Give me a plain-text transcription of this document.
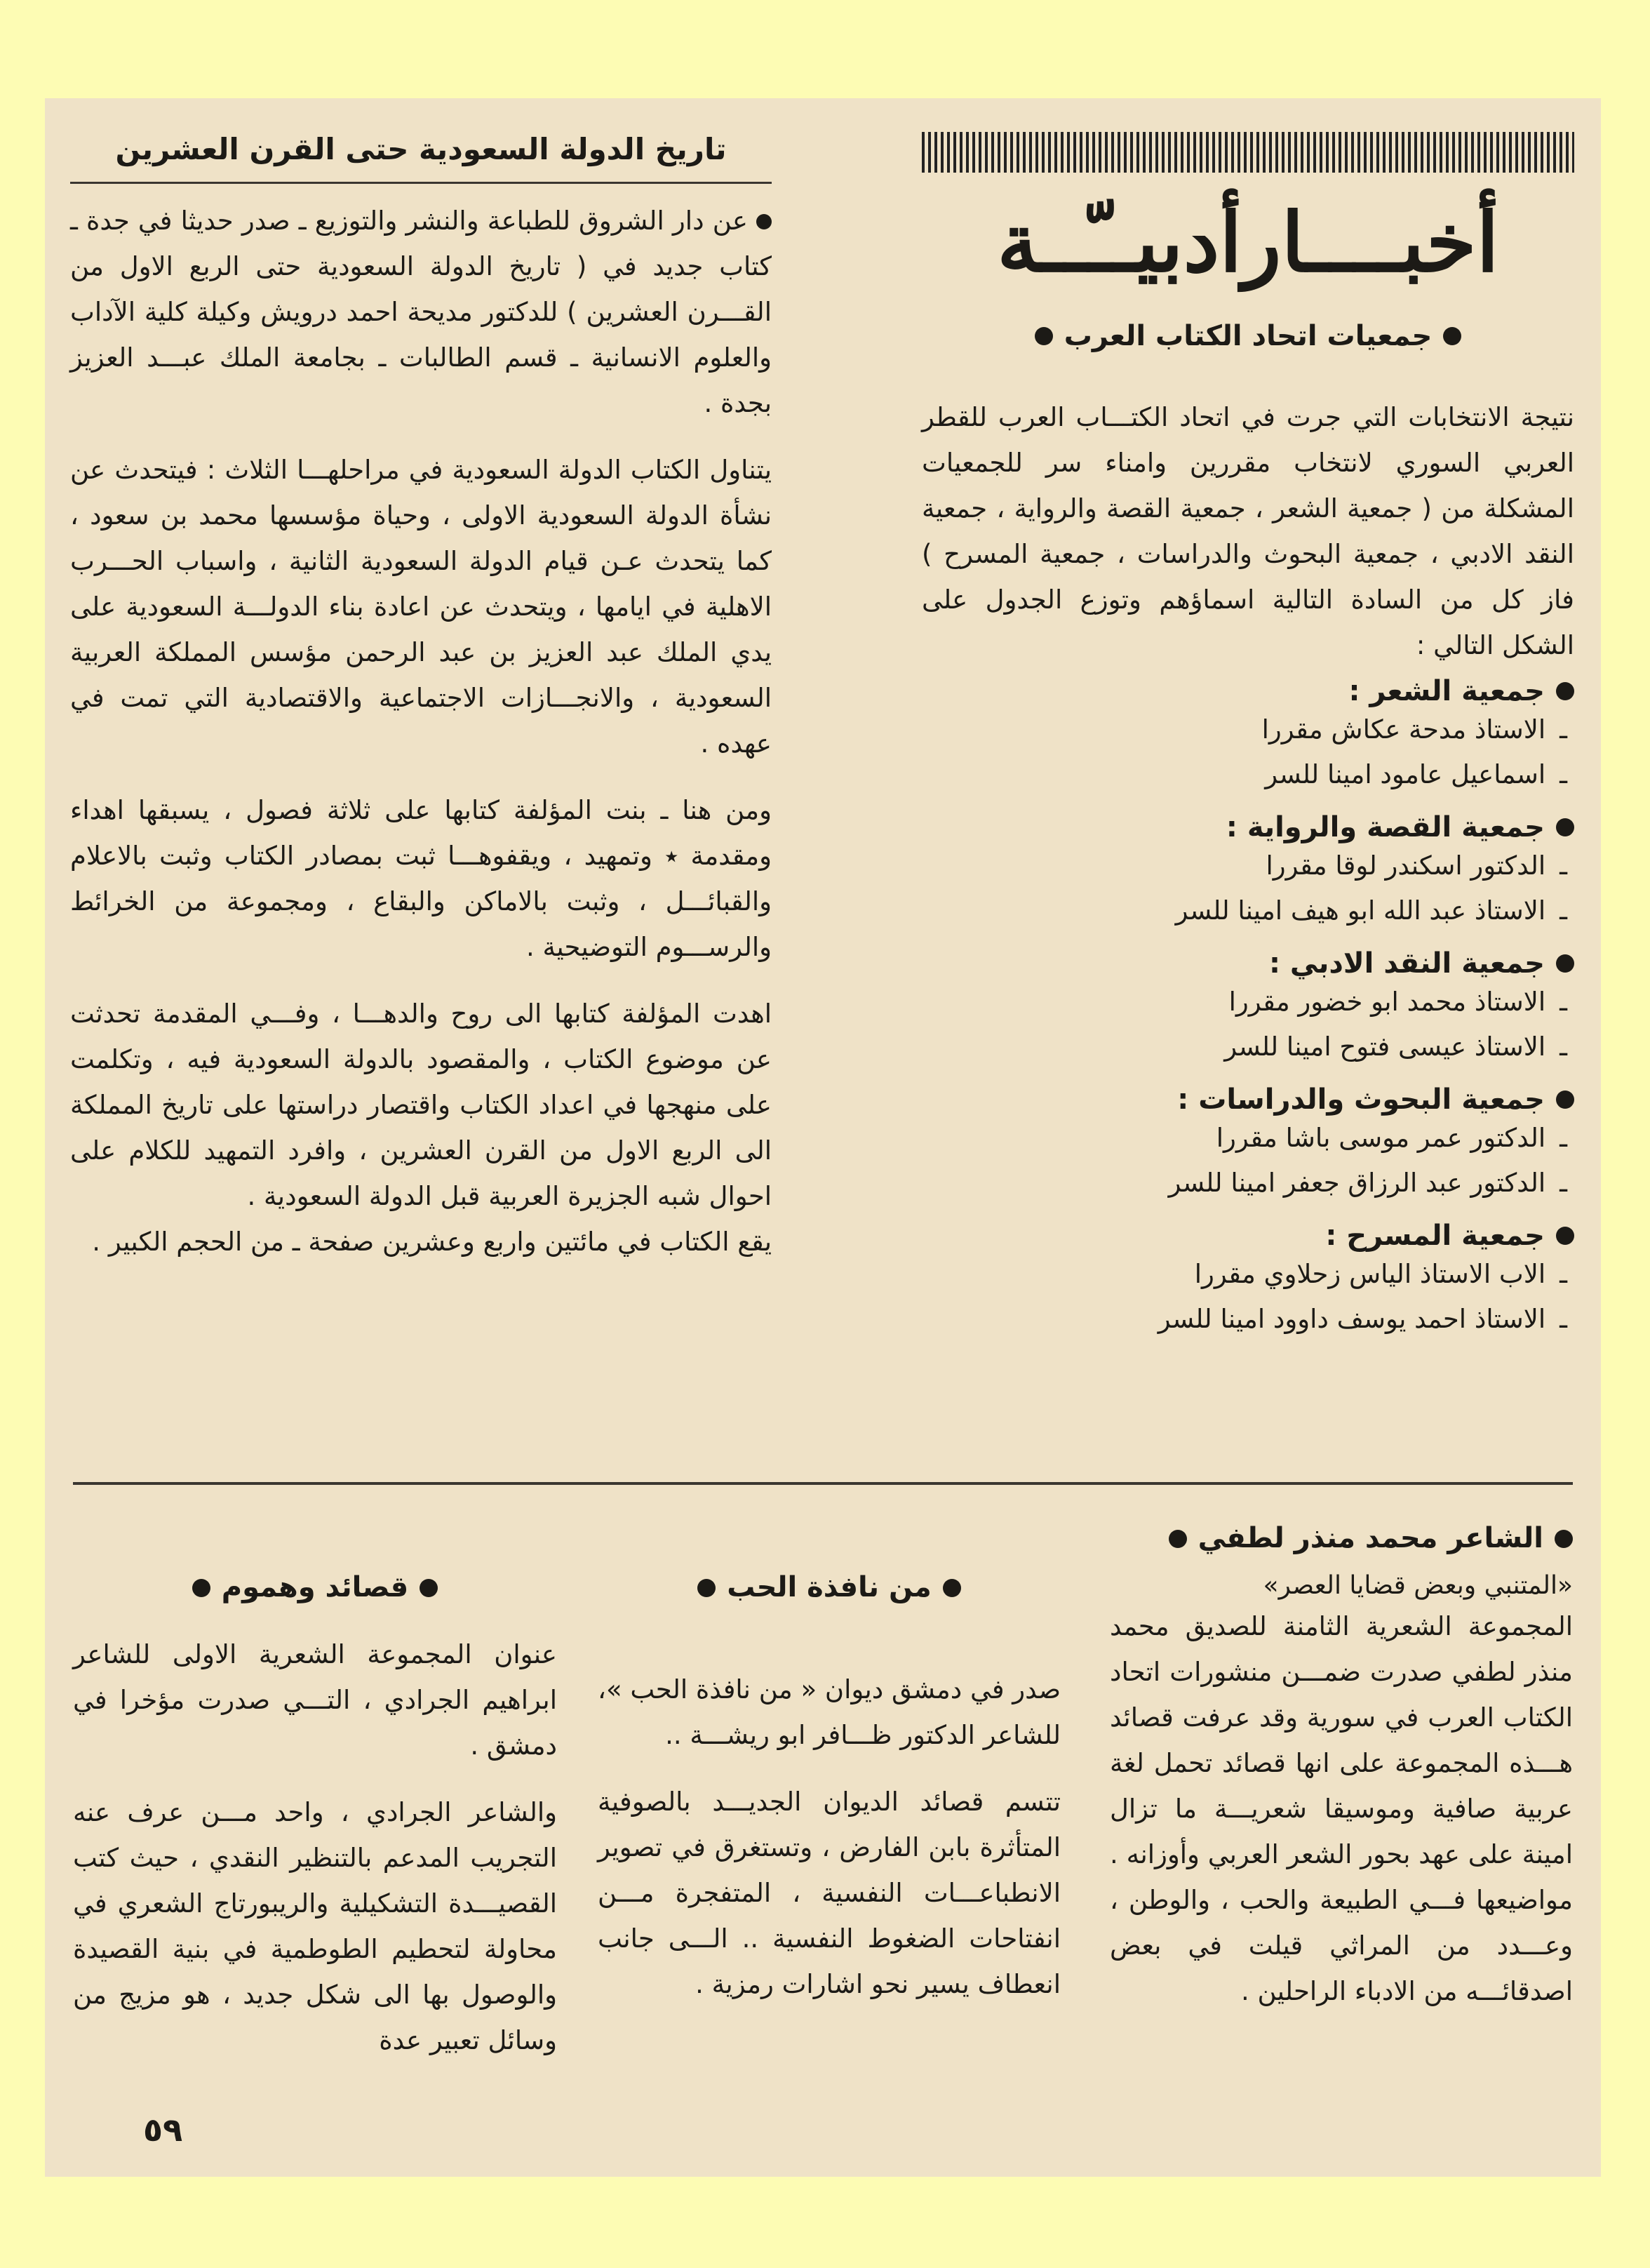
أخبــــارأدبيــّــة
جمعيات اتحاد الكتاب العرب

نتيجة الانتخابات التي جرت في اتحاد الكتـــاب العرب للقطر العربي السوري لانتخاب مقررين وامناء سر للجمعيات المشكلة من ( جمعية الشعر ، جمعية القصة والرواية ، جمعية النقد الادبي ، جمعية البحوث والدراسات ، جمعية المسرح ) فاز كل من السادة التالية اسماؤهم وتوزع الجدول على الشكل التالي :

جمعية الشعر :
ـ
الاستاذ مدحة عكاش مقررا
ـ
اسماعيل عامود امينا للسر
جمعية القصة والرواية :
ـ
الدكتور اسكندر لوقا مقررا
ـ
الاستاذ عبد الله ابو هيف امينا للسر
جمعية النقد الادبي :
ـ
الاستاذ محمد ابو خضور مقررا
ـ
الاستاذ عيسى فتوح امينا للسر
جمعية البحوث والدراسات :
ـ
الدكتور عمر موسى باشا مقررا
ـ
الدكتور عبد الرزاق جعفر امينا للسر
جمعية المسرح :
ـ
الاب الاستاذ الياس زحلاوي مقررا
ـ
الاستاذ احمد يوسف داوود امينا للسر
تاريخ الدولة السعودية حتى القرن العشرين

عن دار الشروق للطباعة والنشر والتوزيع ـ صدر حديثا في جدة ـ كتاب جديد في ( تاريخ الدولة السعودية حتى الربع الاول من القـــرن العشرين ) للدكتور مديحة احمد درويش وكيلة كلية الآداب والعلوم الانسانية ـ قسم الطالبات ـ بجامعة الملك عبـــد العزيز بجدة .

يتناول الكتاب الدولة السعودية في مراحلهـــا الثلاث : فيتحدث عن نشأة الدولة السعودية الاولى ، وحياة مؤسسها محمد بن سعود ، كما يتحدث عـن قيام الدولة السعودية الثانية ، واسباب الحـــرب الاهلية في ايامها ، ويتحدث عن اعادة بناء الدولـــة السعودية على يدي الملك عبد العزيز بن عبد الرحمن مؤسس المملكة العربية السعودية ، والانجـــازات الاجتماعية والاقتصادية التي تمت في عهده .

ومن هنا ـ بنت المؤلفة كتابها على ثلاثة فصول ، يسبقها اهداء ومقدمة ٭ وتمهيد ، ويقفوهـــا ثبت بمصادر الكتاب وثبت بالاعلام والقبائـــل ، وثبت بالاماكن والبقاع ، ومجموعة من الخرائط والرســـوم التوضيحية .

اهدت المؤلفة كتابها الى روح والدهـــا ، وفـــي المقدمة تحدثت عن موضوع الكتاب ، والمقصود بالدولة السعودية فيه ، وتكلمت على منهجها في اعداد الكتاب واقتصار دراستها على تاريخ المملكة الى الربع الاول من القرن العشرين ، وافرد التمهيد للكلام على احوال شبه الجزيرة العربية قبل الدولة السعودية .

يقع الكتاب في مائتين واربع وعشرين صفحة ـ من الحجم الكبير .

الشاعر محمد منذر لطفي
«المتنبي وبعض قضايا العصر»

المجموعة الشعرية الثامنة للصديق محمد منذر لطفي صدرت ضمـــن منشورات اتحاد الكتاب العرب في سورية وقد عرفت قصائد هـــذه المجموعة على انها قصائد تحمل لغة عربية صافية وموسيقا شعريـــة ما تزال امينة على عهد بحور الشعر العربي وأوزانه . مواضيعها فـــي الطبيعة والحب ، والوطن ، وعـــدد من المراثي قيلت في بعض اصدقائـــه من الادباء الراحلين .

من نافذة الحب

صدر في دمشق ديوان « من نافذة الحب »، للشاعر الدكتور ظـــافر ابو ريشـــة ..

تتسم قصائد الديوان الجديـــد بالصوفية المتأثرة بابن الفارض ، وتستغرق في تصوير الانطباعـــات النفسية ، المتفجرة مـــن انفتاحات الضغوط النفسية .. الـــى جانب انعطاف يسير نحو اشارات رمزية .

قصائد وهموم

عنوان المجموعة الشعرية الاولى للشاعر ابراهيم الجرادي ، التـــي صدرت مؤخرا في دمشق .

والشاعر الجرادي ، واحد مـــن عرف عنه التجريب المدعم بالتنظير النقدي ، حيث كتب القصيـــدة التشكيلية والريبورتاج الشعري في محاولة لتحطيم الطوطمية في بنية القصيدة والوصول بها الى شكل جديد ، هو مزيج من وسائل تعبير عدة

٥٩
